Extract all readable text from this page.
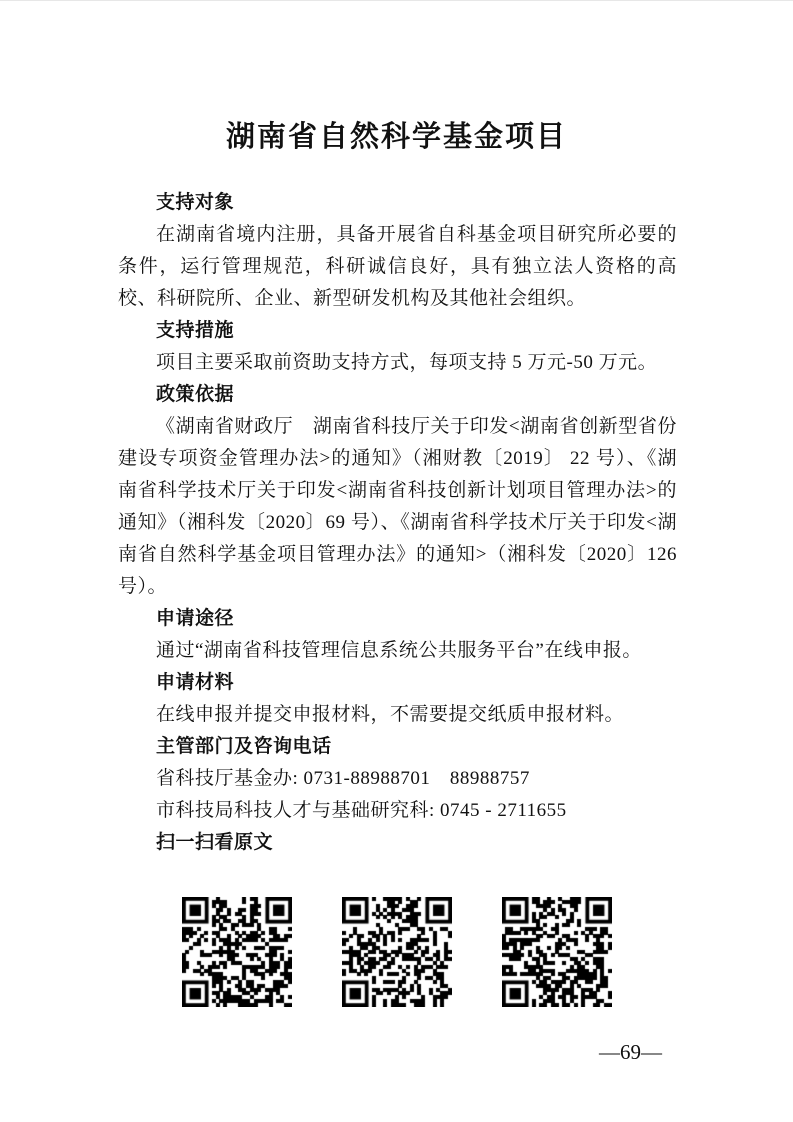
湖南省自然科学基金项目
支持对象

在湖南省境内注册，具备开展省自科基金项目研究所必要的条件，运行管理规范，科研诚信良好，具有独立法人资格的高校、科研院所、企业、新型研发机构及其他社会组织。

支持措施

项目主要采取前资助支持方式，每项支持 5 万元-50 万元。

政策依据

《湖南省财政厅　湖南省科技厅关于印发<湖南省创新型省份建设专项资金管理办法>的通知》（湘财教〔2019〕 22 号）、《湖南省科学技术厅关于印发<湖南省科技创新计划项目管理办法>的通知》（湘科发〔2020〕69 号）、《湖南省科学技术厅关于印发<湖南省自然科学基金项目管理办法》的通知>（湘科发〔2020〕126 号）。

申请途径

通过“湖南省科技管理信息系统公共服务平台”在线申报。

申请材料

在线申报并提交申报材料，不需要提交纸质申报材料。

主管部门及咨询电话

省科技厅基金办: 0731-88988701　88988757

市科技局科技人才与基础研究科: 0745 - 2711655

扫一扫看原文
—69—
